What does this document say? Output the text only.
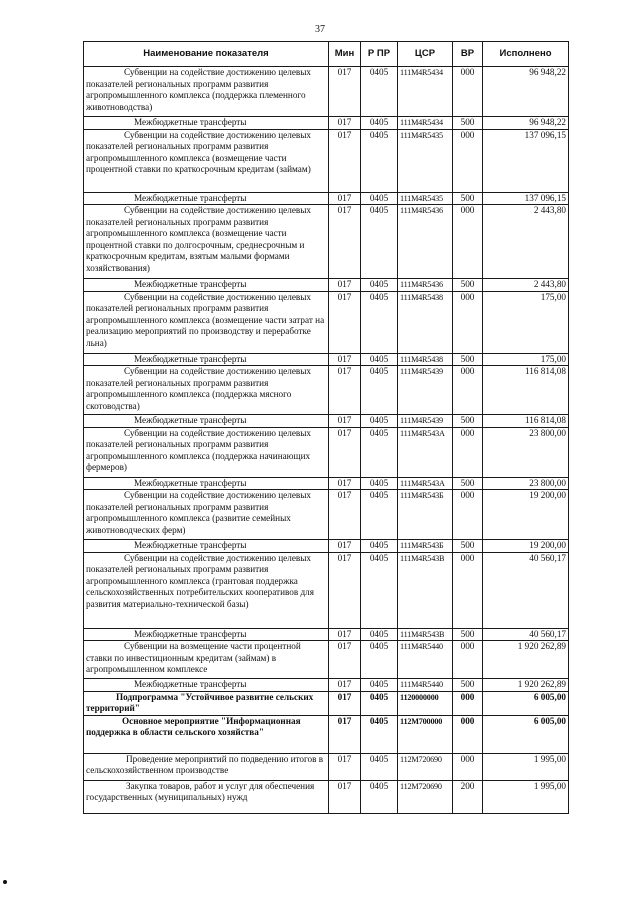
37
Наименование показателя	Мин	Р ПР	ЦСР	ВР	Исполнено

Субвенции на содействие достижению целевых показателей региональных программ развития агропромышленного комплекса (поддержка племенного животноводства)	017	0405	111M4R5434	000	96 948,22

Межбюджетные трансферты	017	0405	111M4R5434	500	96 948,22

Субвенции на содействие достижению целевых показателей региональных программ развития агропромышленного комплекса (возмещение части процентной ставки по краткосрочным кредитам (займам)	017	0405	111M4R5435	000	137 096,15

Межбюджетные трансферты	017	0405	111M4R5435	500	137 096,15

Субвенции на содействие достижению целевых показателей региональных программ развития агропромышленного комплекса (возмещение части процентной ставки по долгосрочным, среднесрочным и краткосрочным кредитам, взятым малыми формами хозяйствования)	017	0405	111M4R5436	000	2 443,80

Межбюджетные трансферты	017	0405	111M4R5436	500	2 443,80

Субвенции на содействие достижению целевых показателей региональных программ развития агропромышленного комплекса (возмещение части затрат на реализацию мероприятий по производству и переработке льна)	017	0405	111M4R5438	000	175,00

Межбюджетные трансферты	017	0405	111M4R5438	500	175,00

Субвенции на содействие достижению целевых показателей региональных программ развития агропромышленного комплекса (поддержка мясного скотоводства)	017	0405	111M4R5439	000	116 814,08

Межбюджетные трансферты	017	0405	111M4R5439	500	116 814,08

Субвенции на содействие достижению целевых показателей региональных программ развития агропромышленного комплекса (поддержка начинающих фермеров)	017	0405	111M4R543A	000	23 800,00

Межбюджетные трансферты	017	0405	111M4R543A	500	23 800,00

Субвенции на содействие достижению целевых показателей региональных программ развития агропромышленного комплекса (развитие семейных животноводческих ферм)	017	0405	111M4R543Б	000	19 200,00

Межбюджетные трансферты	017	0405	111M4R543Б	500	19 200,00

Субвенции на содействие достижению целевых показателей региональных программ развития агропромышленного комплекса (грантовая поддержка сельскохозяйственных потребительских кооперативов для развития материально-технической базы)	017	0405	111M4R543B	000	40 560,17

Межбюджетные трансферты	017	0405	111M4R543B	500	40 560,17

Субвенции на возмещение части процентной ставки по инвестиционным кредитам (займам) в агропромышленном комплексе	017	0405	111M4R5440	000	1 920 262,89

Межбюджетные трансферты	017	0405	111M4R5440	500	1 920 262,89

Подпрограмма "Устойчивое развитие сельских территорий"	017	0405	1120000000	000	6 005,00

Основное мероприятие "Информационная поддержка в области сельского хозяйства"	017	0405	112M700000	000	6 005,00

Проведение мероприятий по подведению итогов в сельскохозяйственном производстве	017	0405	112M720690	000	1 995,00

Закупка товаров, работ и услуг для обеспечения государственных (муниципальных) нужд	017	0405	112M720690	200	1 995,00
